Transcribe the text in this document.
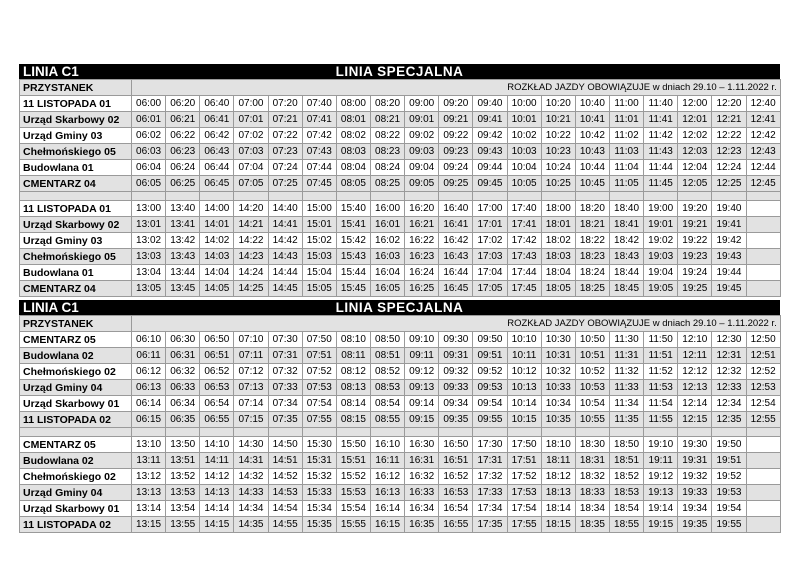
LINIA C1	LINIA SPECJALNA
PRZYSTANEK	ROZKŁAD JAZDY OBOWIĄZUJE w dniach 29.10 – 1.11.2022 r.																		
11 LISTOPADA 01	06:00	06:20	06:40	07:00	07:20	07:40	08:00	08:20	09:00	09:20	09:40	10:00	10:20	10:40	11:00	11:40	12:00	12:20	12:40
Urząd Skarbowy 02	06:01	06:21	06:41	07:01	07:21	07:41	08:01	08:21	09:01	09:21	09:41	10:01	10:21	10:41	11:01	11:41	12:01	12:21	12:41
Urząd Gminy 03	06:02	06:22	06:42	07:02	07:22	07:42	08:02	08:22	09:02	09:22	09:42	10:02	10:22	10:42	11:02	11:42	12:02	12:22	12:42
Chełmońskiego 05	06:03	06:23	06:43	07:03	07:23	07:43	08:03	08:23	09:03	09:23	09:43	10:03	10:23	10:43	11:03	11:43	12:03	12:23	12:43
Budowlana 01	06:04	06:24	06:44	07:04	07:24	07:44	08:04	08:24	09:04	09:24	09:44	10:04	10:24	10:44	11:04	11:44	12:04	12:24	12:44
CMENTARZ 04	06:05	06:25	06:45	07:05	07:25	07:45	08:05	08:25	09:05	09:25	09:45	10:05	10:25	10:45	11:05	11:45	12:05	12:25	12:45

11 LISTOPADA 01	13:00	13:40	14:00	14:20	14:40	15:00	15:40	16:00	16:20	16:40	17:00	17:40	18:00	18:20	18:40	19:00	19:20	19:40	
Urząd Skarbowy 02	13:01	13:41	14:01	14:21	14:41	15:01	15:41	16:01	16:21	16:41	17:01	17:41	18:01	18:21	18:41	19:01	19:21	19:41	
Urząd Gminy 03	13:02	13:42	14:02	14:22	14:42	15:02	15:42	16:02	16:22	16:42	17:02	17:42	18:02	18:22	18:42	19:02	19:22	19:42	
Chełmońskiego 05	13:03	13:43	14:03	14:23	14:43	15:03	15:43	16:03	16:23	16:43	17:03	17:43	18:03	18:23	18:43	19:03	19:23	19:43	
Budowlana 01	13:04	13:44	14:04	14:24	14:44	15:04	15:44	16:04	16:24	16:44	17:04	17:44	18:04	18:24	18:44	19:04	19:24	19:44	
CMENTARZ 04	13:05	13:45	14:05	14:25	14:45	15:05	15:45	16:05	16:25	16:45	17:05	17:45	18:05	18:25	18:45	19:05	19:25	19:45	
LINIA C1	LINIA SPECJALNA
PRZYSTANEK	ROZKŁAD JAZDY OBOWIĄZUJE w dniach 29.10 – 1.11.2022 r.																		
CMENTARZ 05	06:10	06:30	06:50	07:10	07:30	07:50	08:10	08:50	09:10	09:30	09:50	10:10	10:30	10:50	11:30	11:50	12:10	12:30	12:50
Budowlana 02	06:11	06:31	06:51	07:11	07:31	07:51	08:11	08:51	09:11	09:31	09:51	10:11	10:31	10:51	11:31	11:51	12:11	12:31	12:51
Chełmońskiego 02	06:12	06:32	06:52	07:12	07:32	07:52	08:12	08:52	09:12	09:32	09:52	10:12	10:32	10:52	11:32	11:52	12:12	12:32	12:52
Urząd Gminy 04	06:13	06:33	06:53	07:13	07:33	07:53	08:13	08:53	09:13	09:33	09:53	10:13	10:33	10:53	11:33	11:53	12:13	12:33	12:53
Urząd Skarbowy 01	06:14	06:34	06:54	07:14	07:34	07:54	08:14	08:54	09:14	09:34	09:54	10:14	10:34	10:54	11:34	11:54	12:14	12:34	12:54
11 LISTOPADA 02	06:15	06:35	06:55	07:15	07:35	07:55	08:15	08:55	09:15	09:35	09:55	10:15	10:35	10:55	11:35	11:55	12:15	12:35	12:55

CMENTARZ 05	13:10	13:50	14:10	14:30	14:50	15:30	15:50	16:10	16:30	16:50	17:30	17:50	18:10	18:30	18:50	19:10	19:30	19:50	
Budowlana 02	13:11	13:51	14:11	14:31	14:51	15:31	15:51	16:11	16:31	16:51	17:31	17:51	18:11	18:31	18:51	19:11	19:31	19:51	
Chełmońskiego 02	13:12	13:52	14:12	14:32	14:52	15:32	15:52	16:12	16:32	16:52	17:32	17:52	18:12	18:32	18:52	19:12	19:32	19:52	
Urząd Gminy 04	13:13	13:53	14:13	14:33	14:53	15:33	15:53	16:13	16:33	16:53	17:33	17:53	18:13	18:33	18:53	19:13	19:33	19:53	
Urząd Skarbowy 01	13:14	13:54	14:14	14:34	14:54	15:34	15:54	16:14	16:34	16:54	17:34	17:54	18:14	18:34	18:54	19:14	19:34	19:54	
11 LISTOPADA 02	13:15	13:55	14:15	14:35	14:55	15:35	15:55	16:15	16:35	16:55	17:35	17:55	18:15	18:35	18:55	19:15	19:35	19:55	
